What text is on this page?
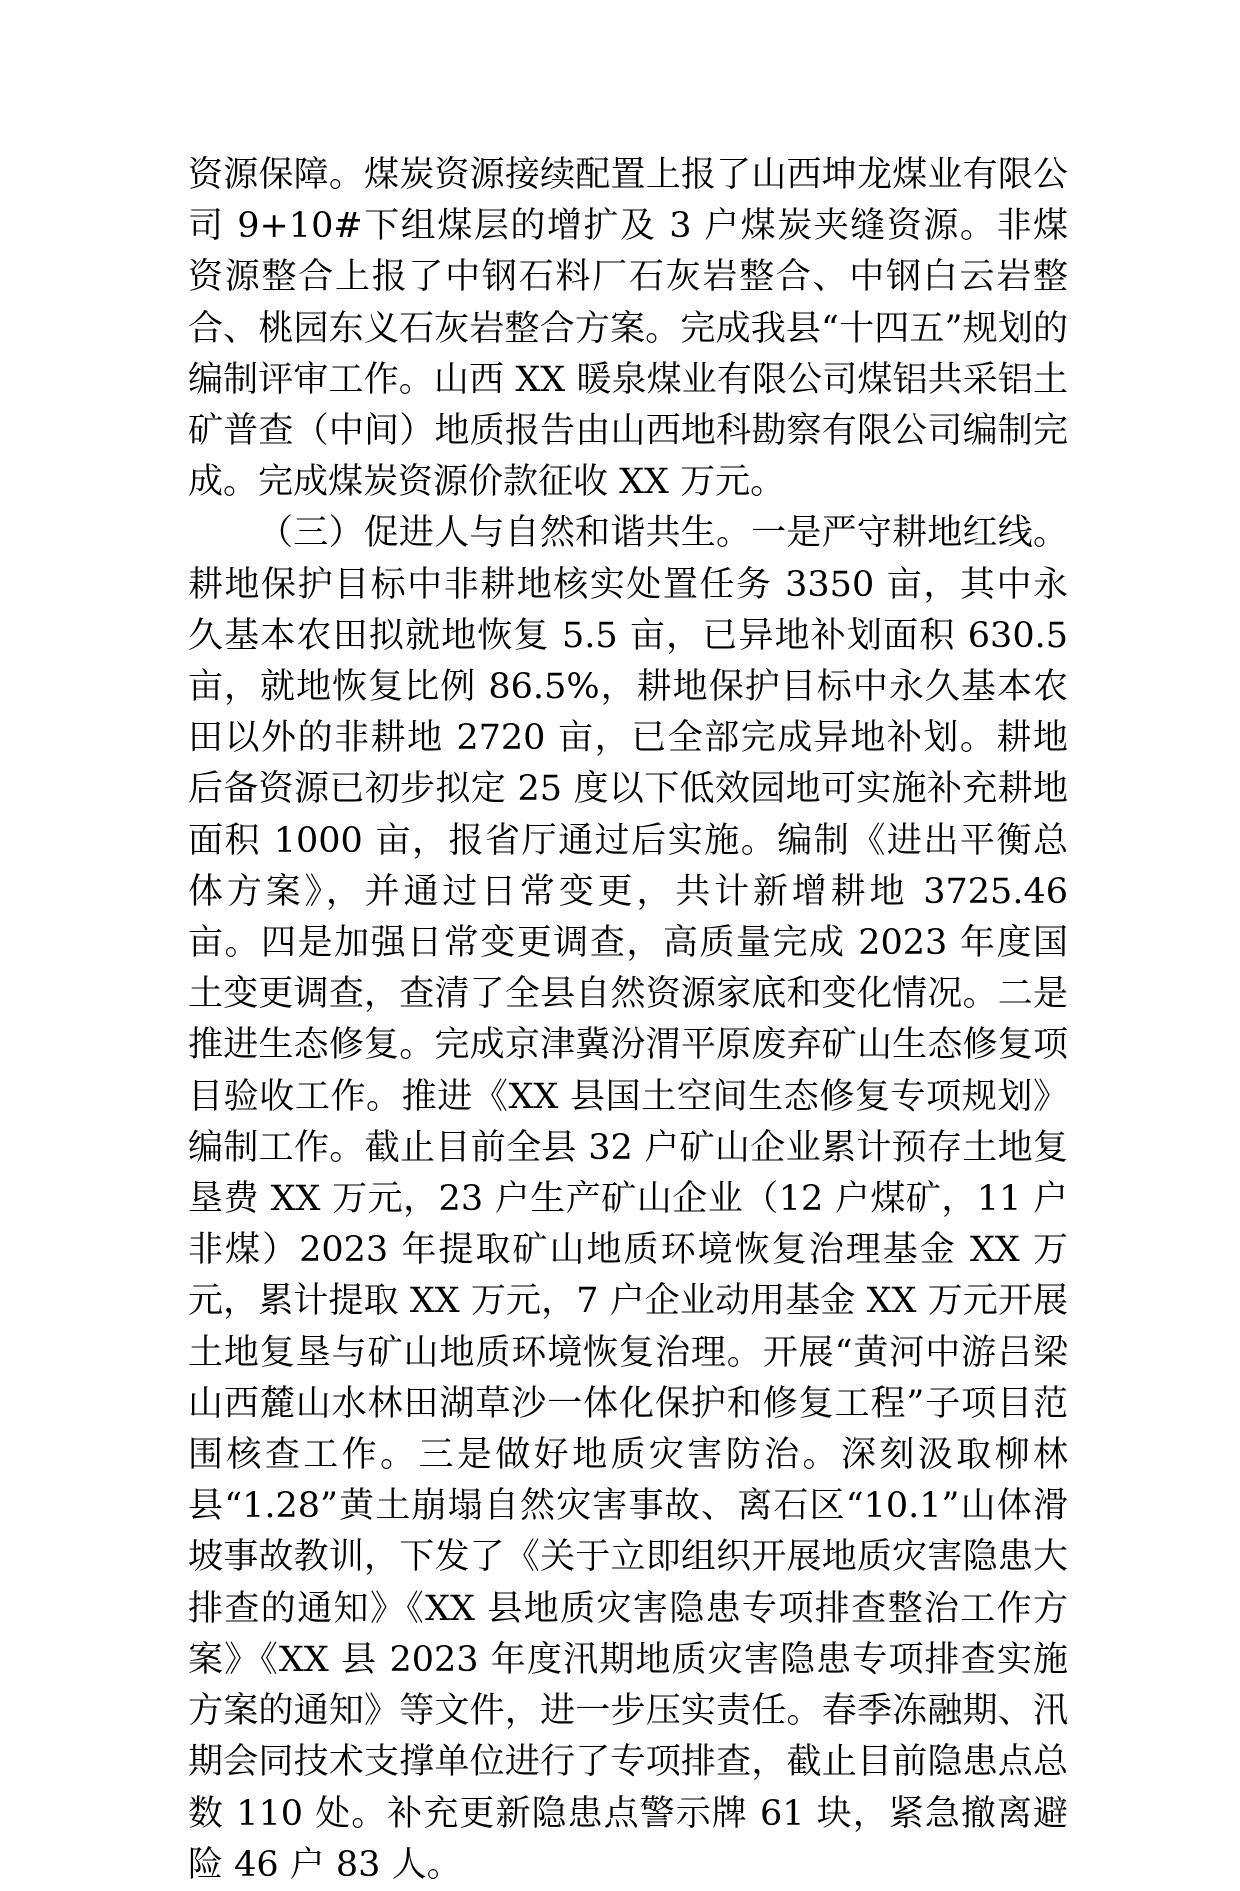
资源保障。煤炭资源接续配置上报了山西坤龙煤业有限公司 9+10#下组煤层的增扩及 3 户煤炭夹缝资源。非煤资源整合上报了中钢石料厂石灰岩整合、中钢白云岩整合、桃园东义石灰岩整合方案。完成我县“十四五”规划的编制评审工作。山西 XX 暖泉煤业有限公司煤铝共采铝土矿普查（中间）地质报告由山西地科勘察有限公司编制完成。完成煤炭资源价款征收 XX 万元。

（三）促进人与自然和谐共生。一是严守耕地红线。耕地保护目标中非耕地核实处置任务 3350 亩，其中永久基本农田拟就地恢复 5.5 亩，已异地补划面积 630.5 亩，就地恢复比例 86.5%，耕地保护目标中永久基本农田以外的非耕地 2720 亩，已全部完成异地补划。耕地后备资源已初步拟定 25 度以下低效园地可实施补充耕地面积 1000 亩，报省厅通过后实施。编制《进出平衡总体方案》，并通过日常变更，共计新增耕地 3725.46 亩。四是加强日常变更调查，高质量完成 2023 年度国土变更调查，查清了全县自然资源家底和变化情况。二是推进生态修复。完成京津冀汾渭平原废弃矿山生态修复项目验收工作。推进《XX 县国土空间生态修复专项规划》编制工作。截止目前全县 32 户矿山企业累计预存土地复垦费 XX 万元，23 户生产矿山企业（12 户煤矿，11 户非煤）2023 年提取矿山地质环境恢复治理基金 XX 万元，累计提取 XX 万元，7 户企业动用基金 XX 万元开展土地复垦与矿山地质环境恢复治理。开展“黄河中游吕梁山西麓山水林田湖草沙一体化保护和修复工程”子项目范围核查工作。三是做好地质灾害防治。深刻汲取柳林县“1.28”黄土崩塌自然灾害事故、离石区“10.1”山体滑坡事故教训，下发了《关于立即组织开展地质灾害隐患大排查的通知》《XX 县地质灾害隐患专项排查整治工作方案》《XX 县 2023 年度汛期地质灾害隐患专项排查实施方案的通知》等文件，进一步压实责任。春季冻融期、汛期会同技术支撑单位进行了专项排查，截止目前隐患点总数 110 处。补充更新隐患点警示牌 61 块，紧急撤离避险 46 户 83 人。
